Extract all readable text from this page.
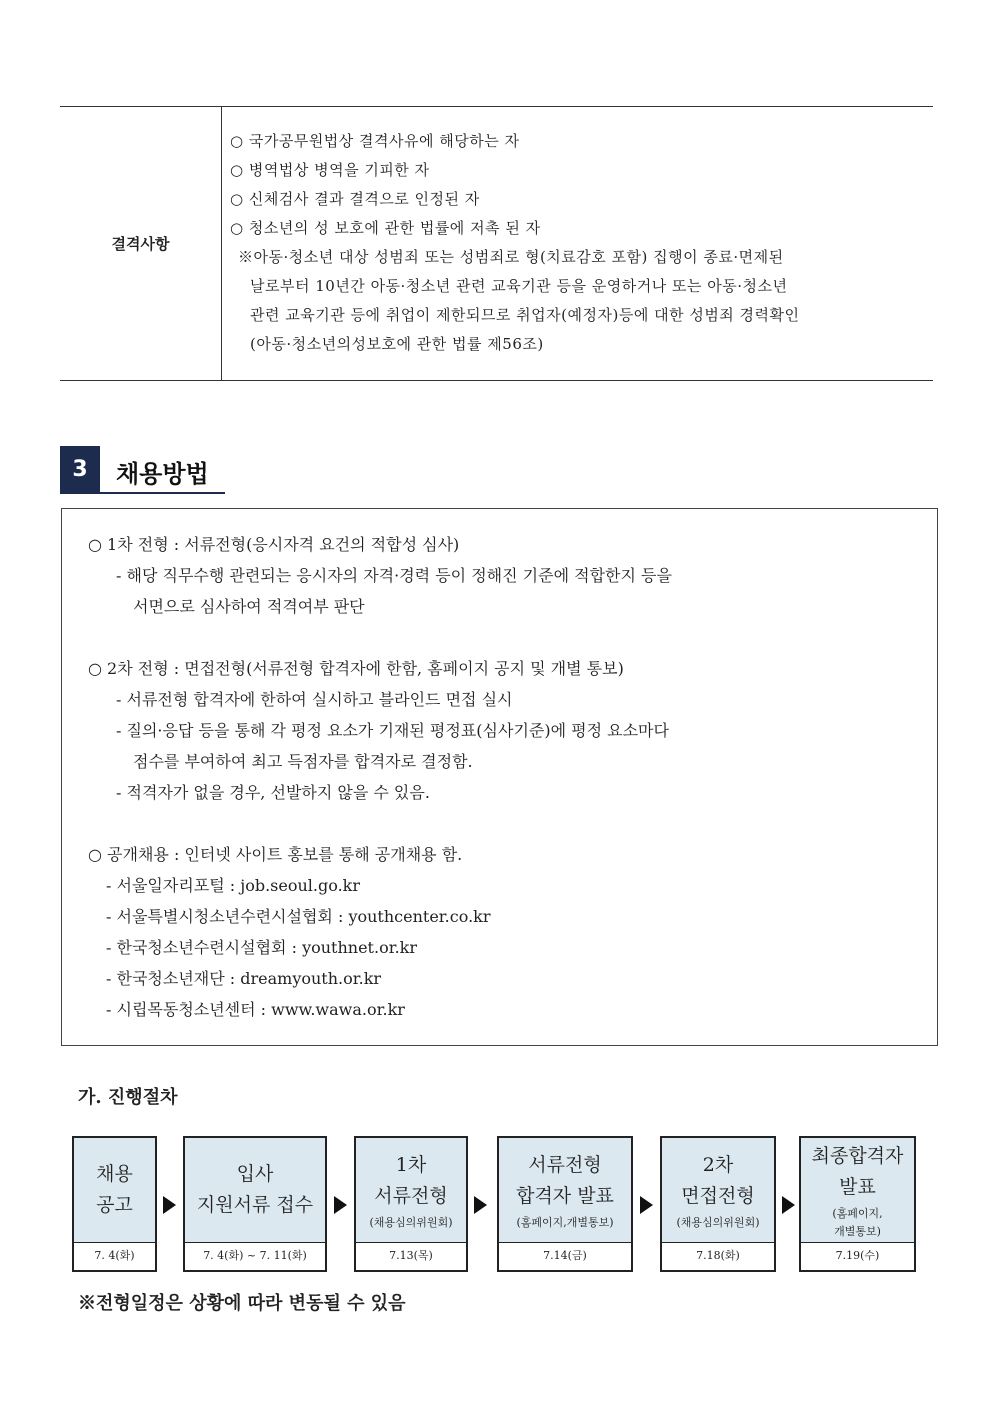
결격사항
○ 국가공무원법상 결격사유에 해당하는 자
○ 병역법상 병역을 기피한 자
○ 신체검사 결과 결격으로 인정된 자
○ 청소년의 성 보호에 관한 법률에 저촉 된 자
※아동·청소년 대상 성범죄 또는 성범죄로 형(치료감호 포함) 집행이 종료·면제된
날로부터 10년간 아동·청소년 관련 교육기관 등을 운영하거나 또는 아동·청소년
관련 교육기관 등에 취업이 제한되므로 취업자(예정자)등에 대한 성범죄 경력확인
(아동·청소년의성보호에 관한 법률 제56조)
3	채용방법
○ 1차 전형 : 서류전형(응시자격 요건의 적합성 심사)
- 해당 직무수행 관련되는 응시자의 자격·경력 등이 정해진 기준에 적합한지 등을
서면으로 심사하여 적격여부 판단
○ 2차 전형 : 면접전형(서류전형 합격자에 한함, 홈페이지 공지 및 개별 통보)
- 서류전형 합격자에 한하여 실시하고 블라인드 면접 실시
- 질의·응답 등을 통해 각 평정 요소가 기재된 평정표(심사기준)에 평정 요소마다
점수를 부여하여 최고 득점자를 합격자로 결정함.
- 적격자가 없을 경우, 선발하지 않을 수 있음.
○ 공개채용 : 인터넷 사이트 홍보를 통해 공개채용 함.
- 서울일자리포털 : job.seoul.go.kr
- 서울특별시청소년수련시설협회 : youthcenter.co.kr
- 한국청소년수련시설협회 : youthnet.or.kr
- 한국청소년재단 : dreamyouth.or.kr
- 시립목동청소년센터 : www.wawa.or.kr
가. 진행절차
채용
공고
7. 4(화)
입사
지원서류 접수
7. 4(화) ~ 7. 11(화)
1차
서류전형
(채용심의위원회)
7.13(목)
서류전형
합격자 발표
(홈페이지,개별통보)
7.14(금)
2차
면접전형
(채용심의위원회)
7.18(화)
최종합격자
발표
(홈페이지,
개별통보)
7.19(수)
※전형일정은 상황에 따라 변동될 수 있음
